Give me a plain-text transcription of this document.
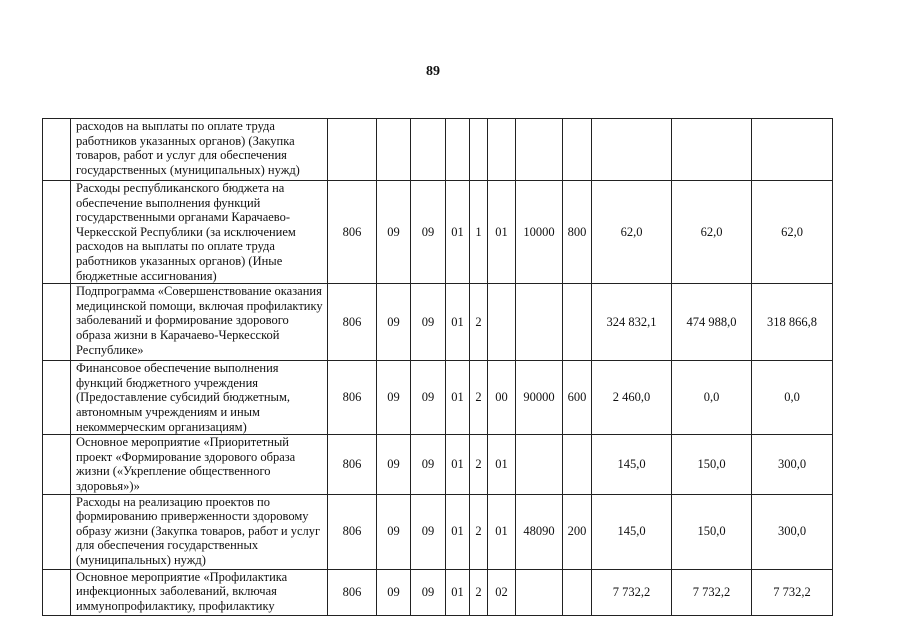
89
	расходов на выплаты по оплате труда работников указанных органов) (Закупка товаров, работ и услуг для обеспечения государственных (муниципальных) нужд)											
	Расходы республиканского бюджета на обеспечение выполнения функций государственными органами Карачаево-Черкесской Республики (за исключением расходов на выплаты по оплате труда работников указанных органов) (Иные бюджетные ассигнования)	806	09	09	01	1	01	10000	800	62,0	62,0	62,0
	Подпрограмма «Совершенствование оказания медицинской помощи, включая профилактику заболеваний и формирование здорового образа жизни в Карачаево-Черкесской Республике»	806	09	09	01	2				324 832,1	474 988,0	318 866,8
	Финансовое обеспечение выполнения функций бюджетного учреждения (Предоставление субсидий бюджетным, автономным учреждениям и иным некоммерческим организациям)	806	09	09	01	2	00	90000	600	2 460,0	0,0	0,0
	Основное мероприятие «Приоритетный проект «Формирование здорового образа жизни («Укрепление общественного здоровья»)»	806	09	09	01	2	01			145,0	150,0	300,0
	Расходы на реализацию проектов по формированию приверженности здоровому образу жизни (Закупка товаров, работ и услуг для обеспечения государственных (муниципальных) нужд)	806	09	09	01	2	01	48090	200	145,0	150,0	300,0
	Основное мероприятие «Профилактика инфекционных заболеваний, включая иммунопрофилактику, профилактику	806	09	09	01	2	02			7 732,2	7 732,2	7 732,2
